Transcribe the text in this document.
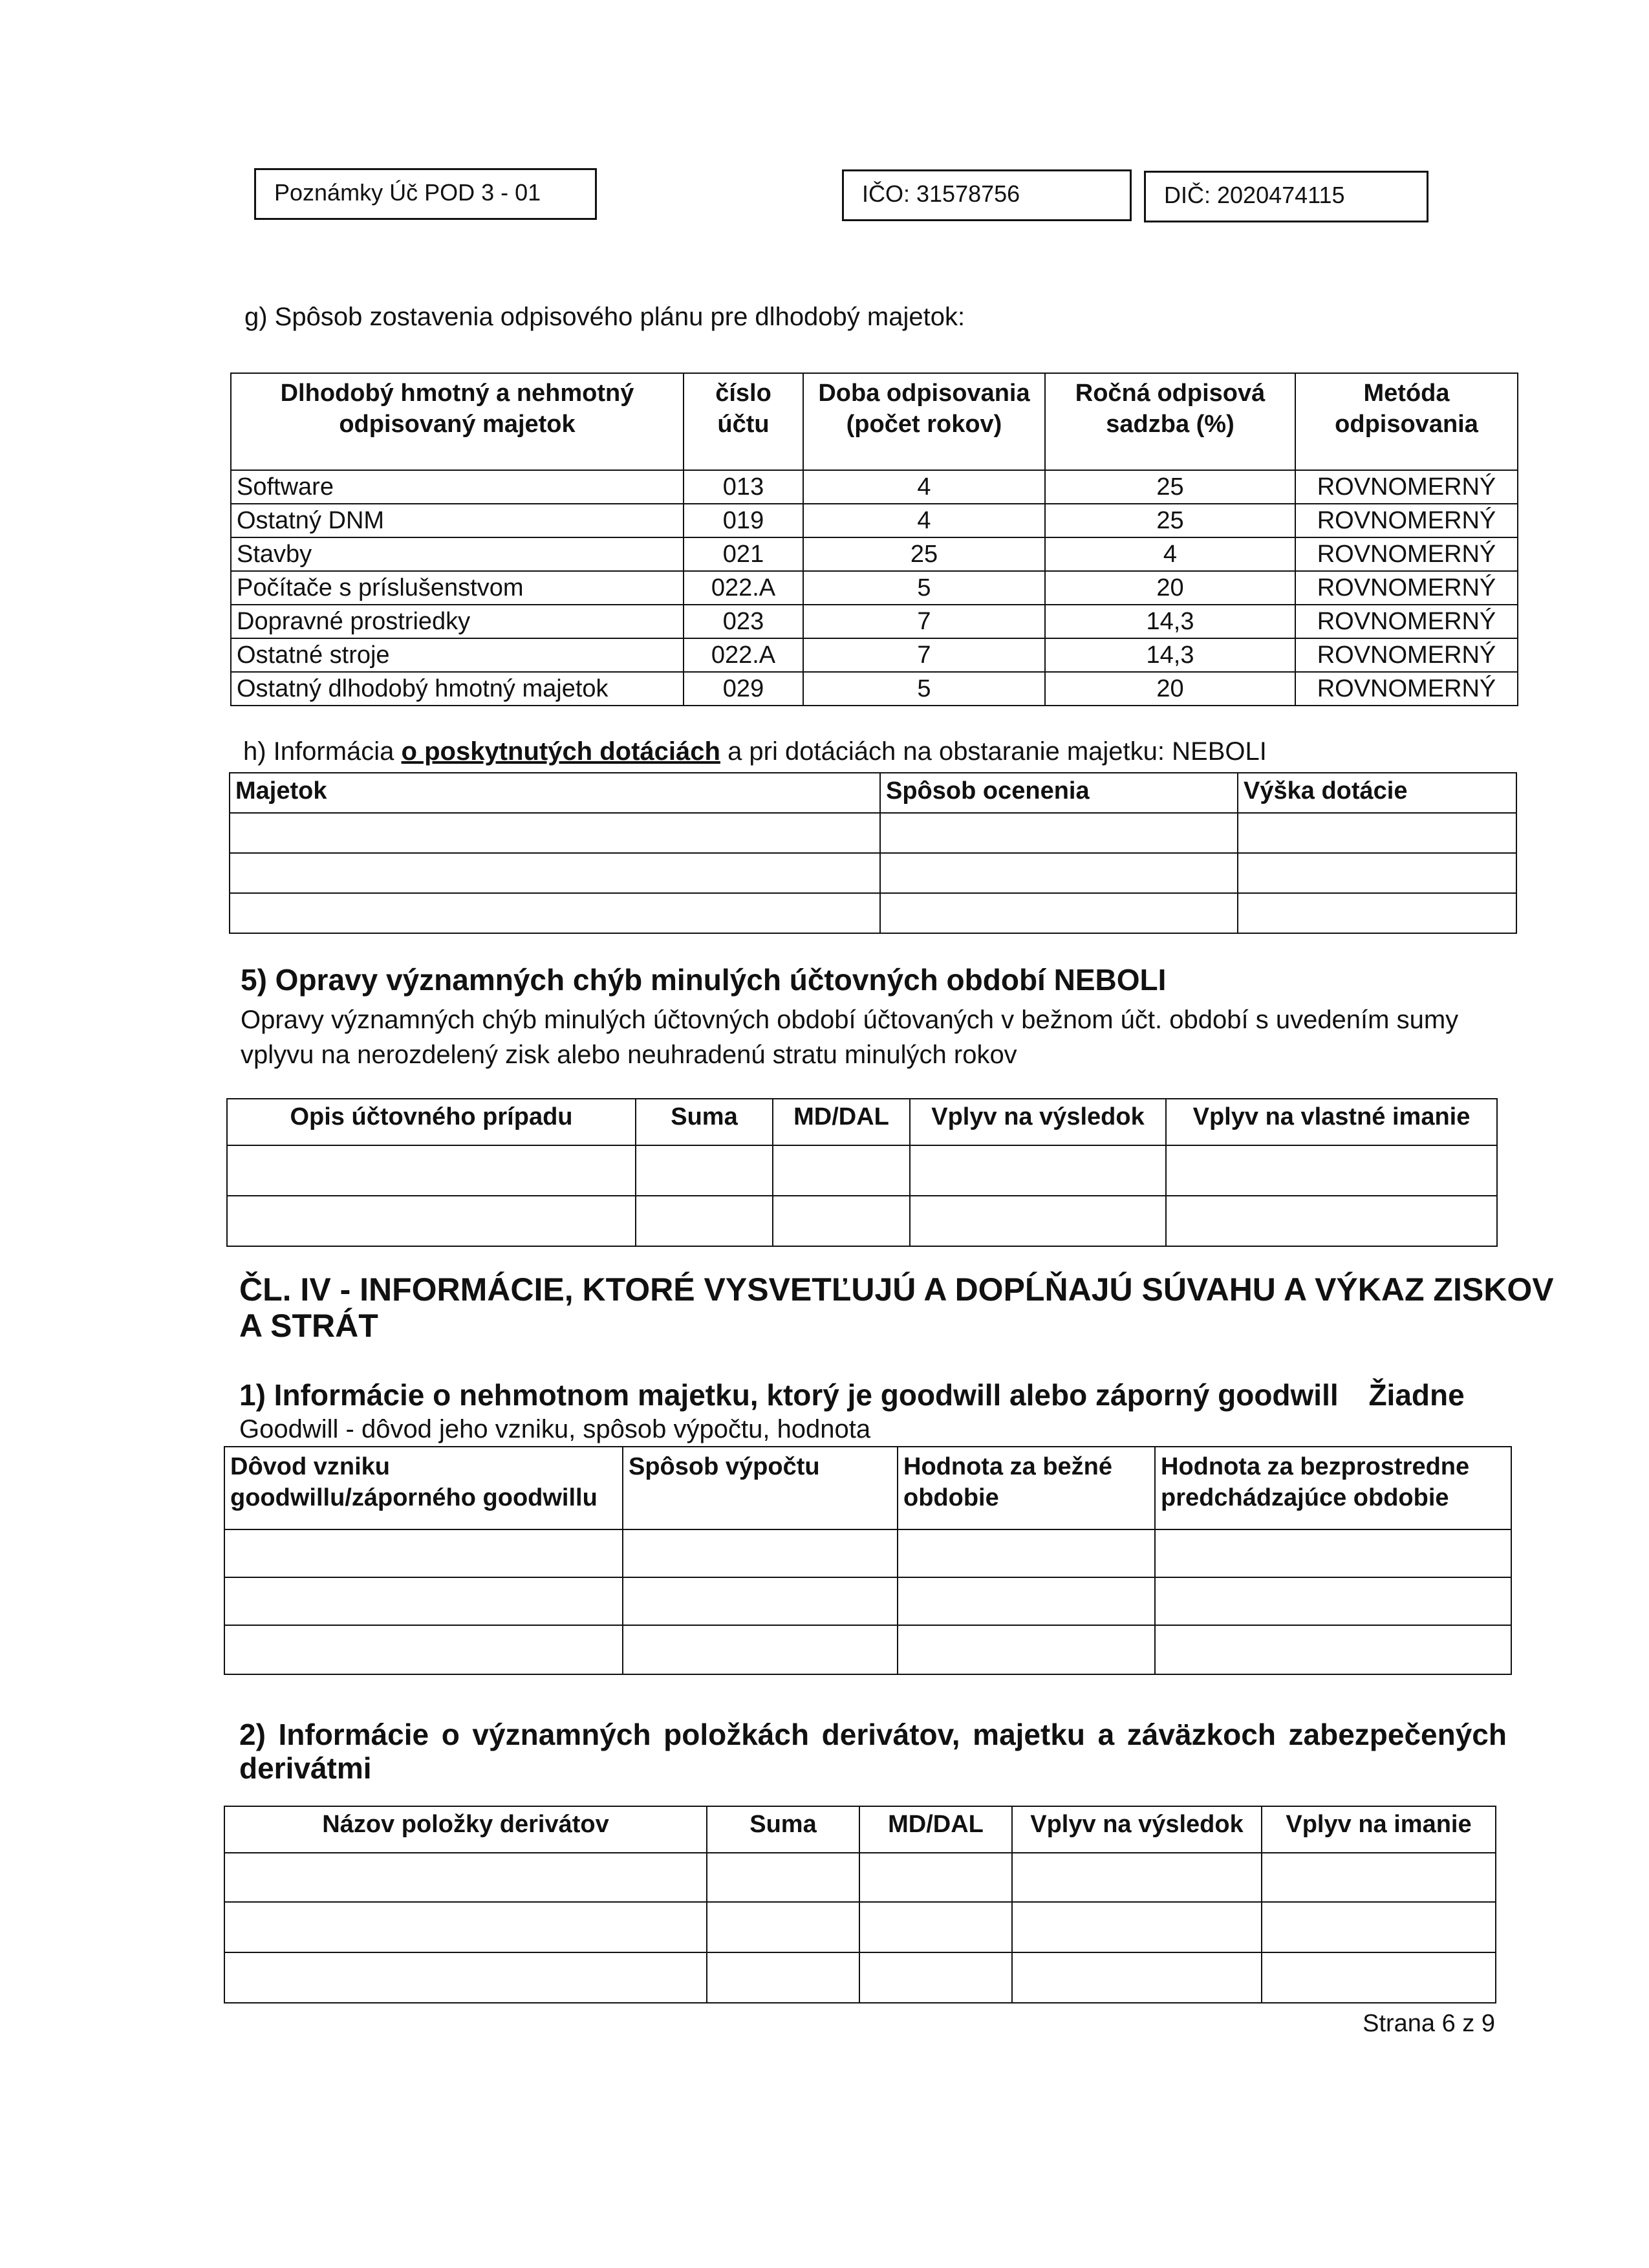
Poznámky Úč POD 3 - 01	IČO: 31578756	DIČ: 2020474115
g) Spôsob zostavenia odpisového plánu pre dlhodobý majetok:
Dlhodobý hmotný a nehmotný odpisovaný majetok	číslo účtu	Doba odpisovania (počet rokov)	Ročná odpisová sadzba (%)	Metóda odpisovania
Software	013	4	25	ROVNOMERNÝ
Ostatný DNM	019	4	25	ROVNOMERNÝ
Stavby	021	25	4	ROVNOMERNÝ
Počítače s príslušenstvom	022.A	5	20	ROVNOMERNÝ
Dopravné prostriedky	023	7	14,3	ROVNOMERNÝ
Ostatné stroje	022.A	7	14,3	ROVNOMERNÝ
Ostatný dlhodobý hmotný majetok	029	5	20	ROVNOMERNÝ
h) Informácia o poskytnutých dotáciách a pri dotáciách na obstaranie majetku: NEBOLI
Majetok	Spôsob ocenenia	Výška dotácie

5) Opravy významných chýb minulých účtovných období NEBOLI
Opravy významných chýb minulých účtovných období účtovaných v bežnom účt. období s uvedením sumy vplyvu na nerozdelený zisk alebo neuhradenú stratu minulých rokov
Opis účtovného prípadu	Suma	MD/DAL	Vplyv na výsledok	Vplyv na vlastné imanie

ČL. IV - INFORMÁCIE, KTORÉ VYSVETĽUJÚ A DOPĹŇAJÚ SÚVAHU A VÝKAZ ZISKOV A STRÁT
1) Informácie o nehmotnom majetku, ktorý je goodwill alebo záporný goodwill Žiadne
Goodwill - dôvod jeho vzniku, spôsob výpočtu, hodnota
Dôvod vzniku goodwillu/záporného goodwillu	Spôsob výpočtu	Hodnota za bežné obdobie	Hodnota za bezprostredne predchádzajúce obdobie

2) Informácie o významných položkách derivátov, majetku a záväzkoch zabezpečených derivátmi
Názov položky derivátov	Suma	MD/DAL	Vplyv na výsledok	Vplyv na imanie

Strana 6 z 9
